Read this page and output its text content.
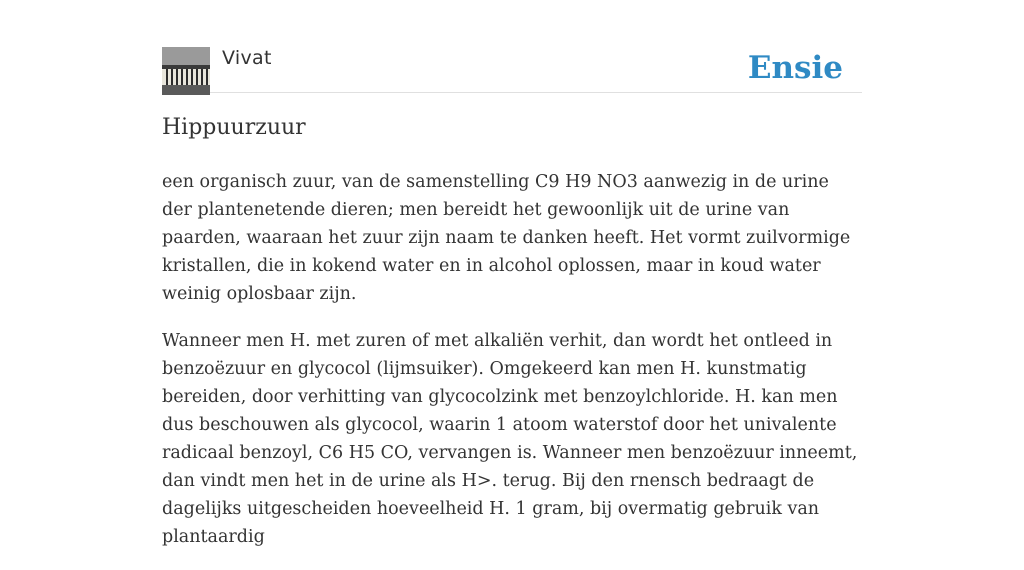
Vivat	Ensie
Hippuurzuur

een organisch zuur, van de samenstelling C9 H9 NO3 aanwezig in de urine der plantenetende dieren; men bereidt het gewoonlijk uit de urine van paarden, waaraan het zuur zijn naam te danken heeft. Het vormt zuilvormige kristallen, die in kokend water en in alcohol oplossen, maar in koud water weinig oplosbaar zijn.

Wanneer men H. met zuren of met alkaliën verhit, dan wordt het ontleed in benzoëzuur en glycocol (lijmsuiker). Omgekeerd kan men H. kunstmatig bereiden, door verhitting van glycocolzink met benzoylchloride. H. kan men dus beschouwen als glycocol, waarin 1 atoom waterstof door het univalente radicaal benzoyl, C6 H5 CO, vervangen is. Wanneer men benzoëzuur inneemt, dan vindt men het in de urine als H>. terug. Bij den rnensch bedraagt de dagelijks uitgescheiden hoeveelheid H. 1 gram, bij overmatig gebruik van plantaardig
